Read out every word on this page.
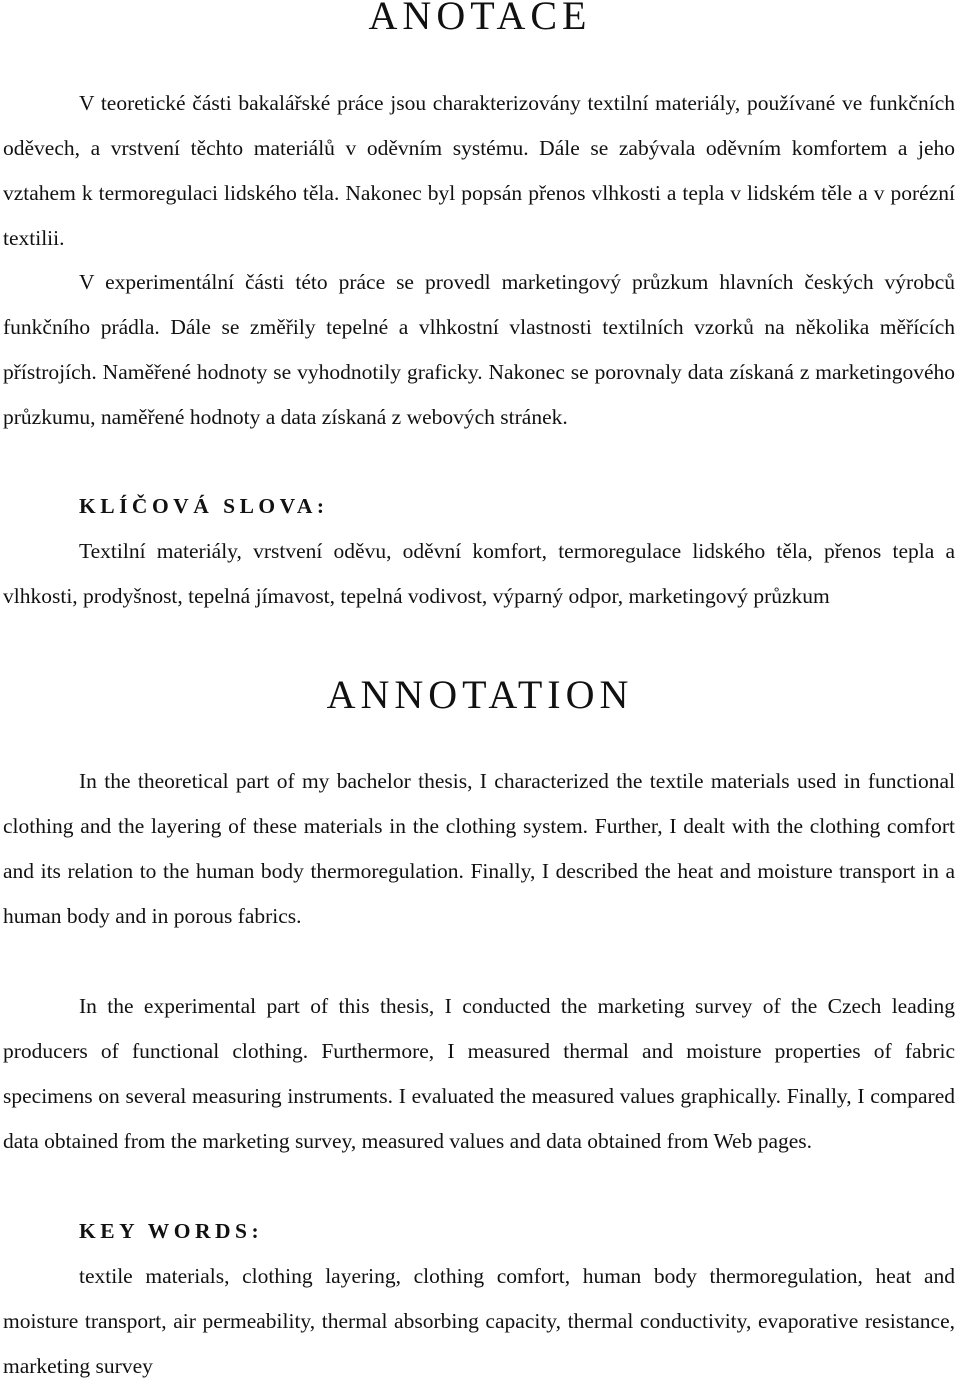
ANOTACE

V teoretické části bakalářské práce jsou charakterizovány textilní materiály, používané ve funkčních oděvech, a vrstvení těchto materiálů v oděvním systému. Dále se zabývala oděvním komfortem a jeho vztahem k termoregulaci lidského těla. Nakonec byl popsán přenos vlhkosti a tepla v lidském těle a v porézní textilii.

V experimentální části této práce se provedl marketingový průzkum hlavních českých výrobců funkčního prádla. Dále se změřily tepelné a vlhkostní vlastnosti textilních vzorků na několika měřících přístrojích. Naměřené hodnoty se vyhodnotily graficky. Nakonec se porovnaly data získaná z marketingového průzkumu, naměřené hodnoty a data získaná z webových stránek.

KLÍČOVÁ SLOVA:

Textilní materiály, vrstvení oděvu, oděvní komfort, termoregulace lidského těla, přenos tepla a vlhkosti, prodyšnost, tepelná jímavost, tepelná vodivost, výparný odpor, marketingový průzkum

ANNOTATION

In the theoretical part of my bachelor thesis, I characterized the textile materials used in functional clothing and the layering of these materials in the clothing system. Further, I dealt with the clothing comfort and its relation to the human body thermoregulation. Finally, I described the heat and moisture transport in a human body and in porous fabrics.

In the experimental part of this thesis, I conducted the marketing survey of the Czech leading producers of functional clothing. Furthermore, I measured thermal and moisture properties of fabric specimens on several measuring instruments. I evaluated the measured values graphically. Finally, I compared data obtained from the marketing survey, measured values and data obtained from Web pages.

KEY WORDS:

textile materials, clothing layering, clothing comfort, human body thermoregulation, heat and moisture transport, air permeability, thermal absorbing capacity, thermal conductivity, evaporative resistance, marketing survey
